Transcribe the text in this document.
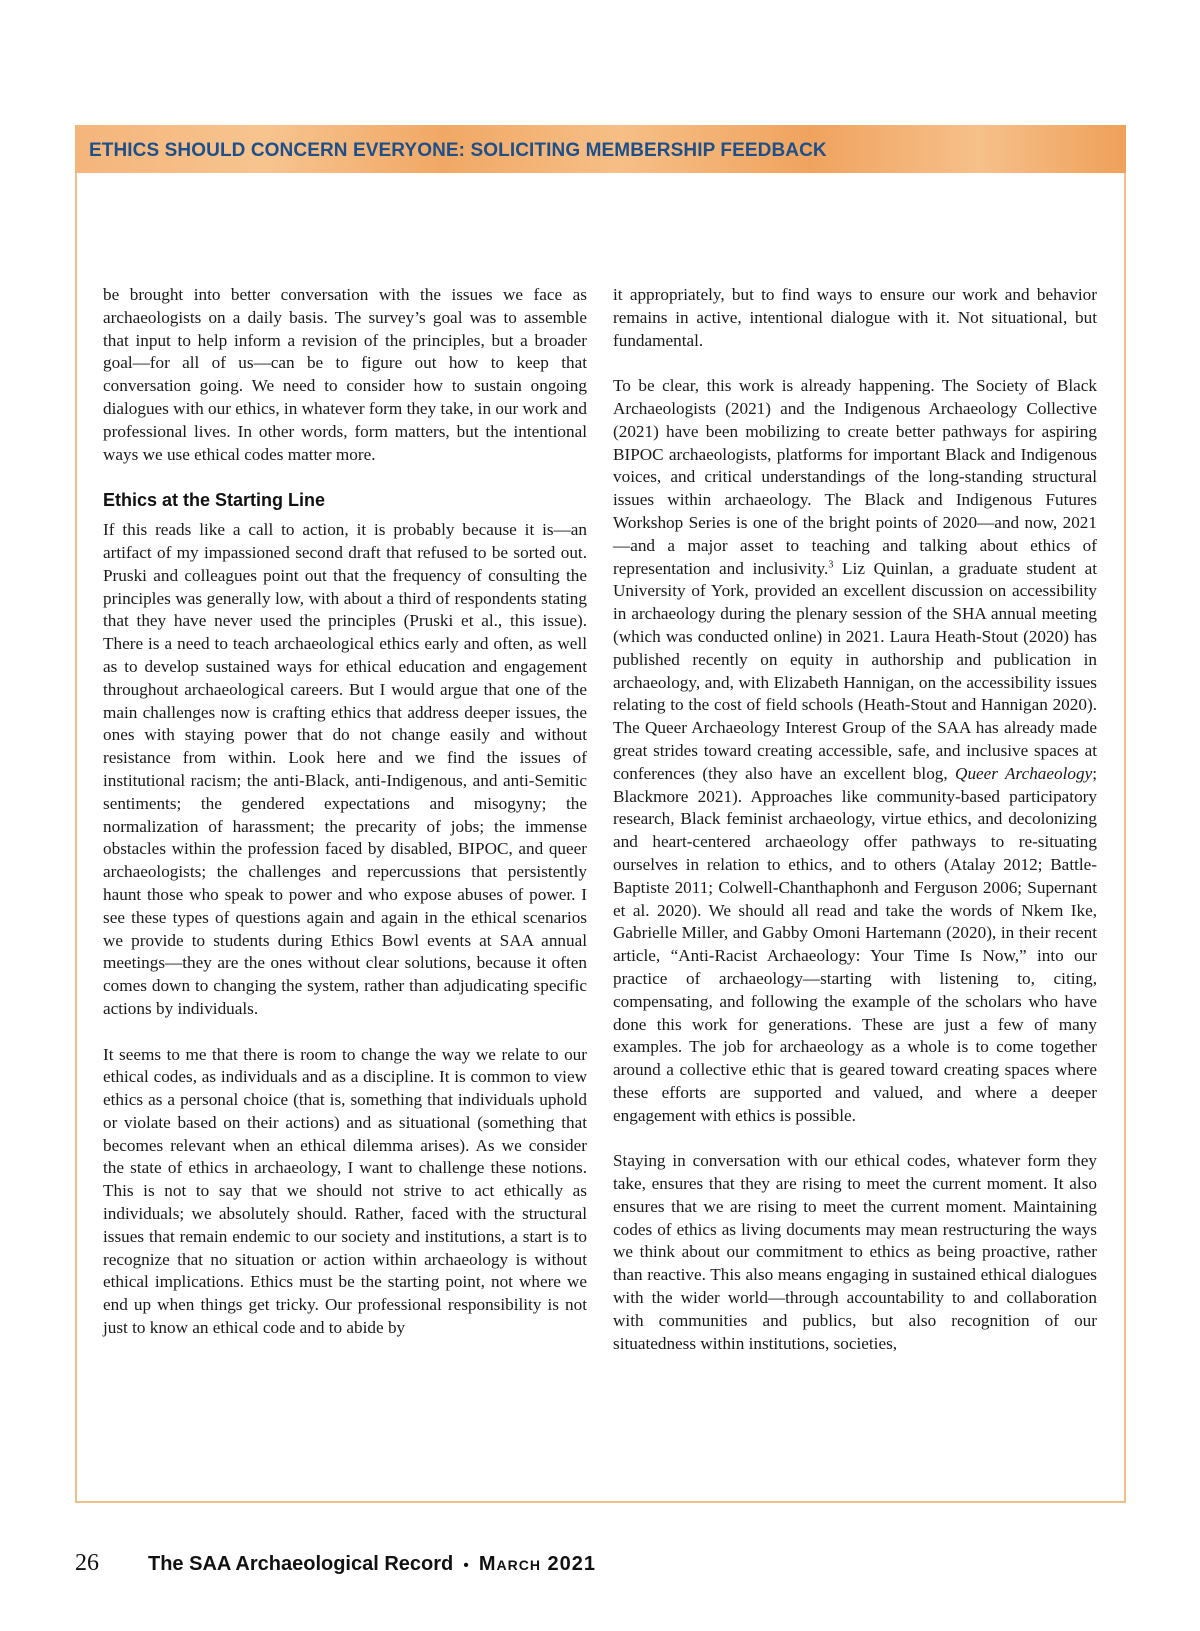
ETHICS SHOULD CONCERN EVERYONE: SOLICITING MEMBERSHIP FEEDBACK

be brought into better conversation with the issues we face as archaeologists on a daily basis. The survey’s goal was to assemble that input to help inform a revision of the principles, but a broader goal—for all of us—can be to figure out how to keep that conversation going. We need to consider how to sustain ongoing dialogues with our ethics, in whatever form they take, in our work and professional lives. In other words, form matters, but the intentional ways we use ethical codes matter more.

Ethics at the Starting Line

If this reads like a call to action, it is probably because it is—an artifact of my impassioned second draft that refused to be sorted out. Pruski and colleagues point out that the frequency of consulting the principles was generally low, with about a third of respondents stating that they have never used the principles (Pruski et al., this issue). There is a need to teach archaeological ethics early and often, as well as to develop sustained ways for ethical education and engagement throughout archaeological careers. But I would argue that one of the main challenges now is crafting ethics that address deeper issues, the ones with staying power that do not change easily and without resistance from within. Look here and we find the issues of institutional racism; the anti-Black, anti-Indigenous, and anti-Semitic sentiments; the gendered expectations and misogyny; the normalization of harassment; the precarity of jobs; the immense obstacles within the profession faced by disabled, BIPOC, and queer archaeologists; the challenges and repercussions that persistently haunt those who speak to power and who expose abuses of power. I see these types of questions again and again in the ethical scenarios we provide to students during Ethics Bowl events at SAA annual meetings—they are the ones without clear solutions, because it often comes down to changing the system, rather than adjudicating specific actions by individuals.

It seems to me that there is room to change the way we relate to our ethical codes, as individuals and as a discipline. It is common to view ethics as a personal choice (that is, something that individuals uphold or violate based on their actions) and as situational (something that becomes relevant when an ethical dilemma arises). As we consider the state of ethics in archaeology, I want to challenge these notions. This is not to say that we should not strive to act ethically as individuals; we absolutely should. Rather, faced with the structural issues that remain endemic to our society and institutions, a start is to recognize that no situation or action within archaeology is without ethical implications. Ethics must be the starting point, not where we end up when things get tricky. Our professional responsibility is not just to know an ethical code and to abide by

it appropriately, but to find ways to ensure our work and behavior remains in active, intentional dialogue with it. Not situational, but fundamental.

To be clear, this work is already happening. The Society of Black Archaeologists (2021) and the Indigenous Archaeology Collective (2021) have been mobilizing to create better pathways for aspiring BIPOC archaeologists, platforms for important Black and Indigenous voices, and critical understandings of the long-standing structural issues within archaeology. The Black and Indigenous Futures Workshop Series is one of the bright points of 2020—and now, 2021—and a major asset to teaching and talking about ethics of representation and inclusivity.$^3$ Liz Quinlan, a graduate student at University of York, provided an excellent discussion on accessibility in archaeology during the plenary session of the SHA annual meeting (which was conducted online) in 2021. Laura Heath-Stout (2020) has published recently on equity in authorship and publication in archaeology, and, with Elizabeth Hannigan, on the accessibility issues relating to the cost of field schools (Heath-Stout and Hannigan 2020). The Queer Archaeology Interest Group of the SAA has already made great strides toward creating accessible, safe, and inclusive spaces at conferences (they also have an excellent blog, Queer Archaeology; Blackmore 2021). Approaches like community-based participatory research, Black feminist archaeology, virtue ethics, and decolonizing and heart-centered archaeology offer pathways to re-situating ourselves in relation to ethics, and to others (Atalay 2012; Battle-Baptiste 2011; Colwell-Chanthaphonh and Ferguson 2006; Supernant et al. 2020). We should all read and take the words of Nkem Ike, Gabrielle Miller, and Gabby Omoni Hartemann (2020), in their recent article, “Anti-Racist Archaeology: Your Time Is Now,” into our practice of archaeology—starting with listening to, citing, compensating, and following the example of the scholars who have done this work for generations. These are just a few of many examples. The job for archaeology as a whole is to come together around a collective ethic that is geared toward creating spaces where these efforts are supported and valued, and where a deeper engagement with ethics is possible.

Staying in conversation with our ethical codes, whatever form they take, ensures that they are rising to meet the current moment. It also ensures that we are rising to meet the current moment. Maintaining codes of ethics as living documents may mean restructuring the ways we think about our commitment to ethics as being proactive, rather than reactive. This also means engaging in sustained ethical dialogues with the wider world—through accountability to and collaboration with communities and publics, but also recognition of our situatedness within institutions, societies,

26	The SAA Archaeological Record • March 2021
